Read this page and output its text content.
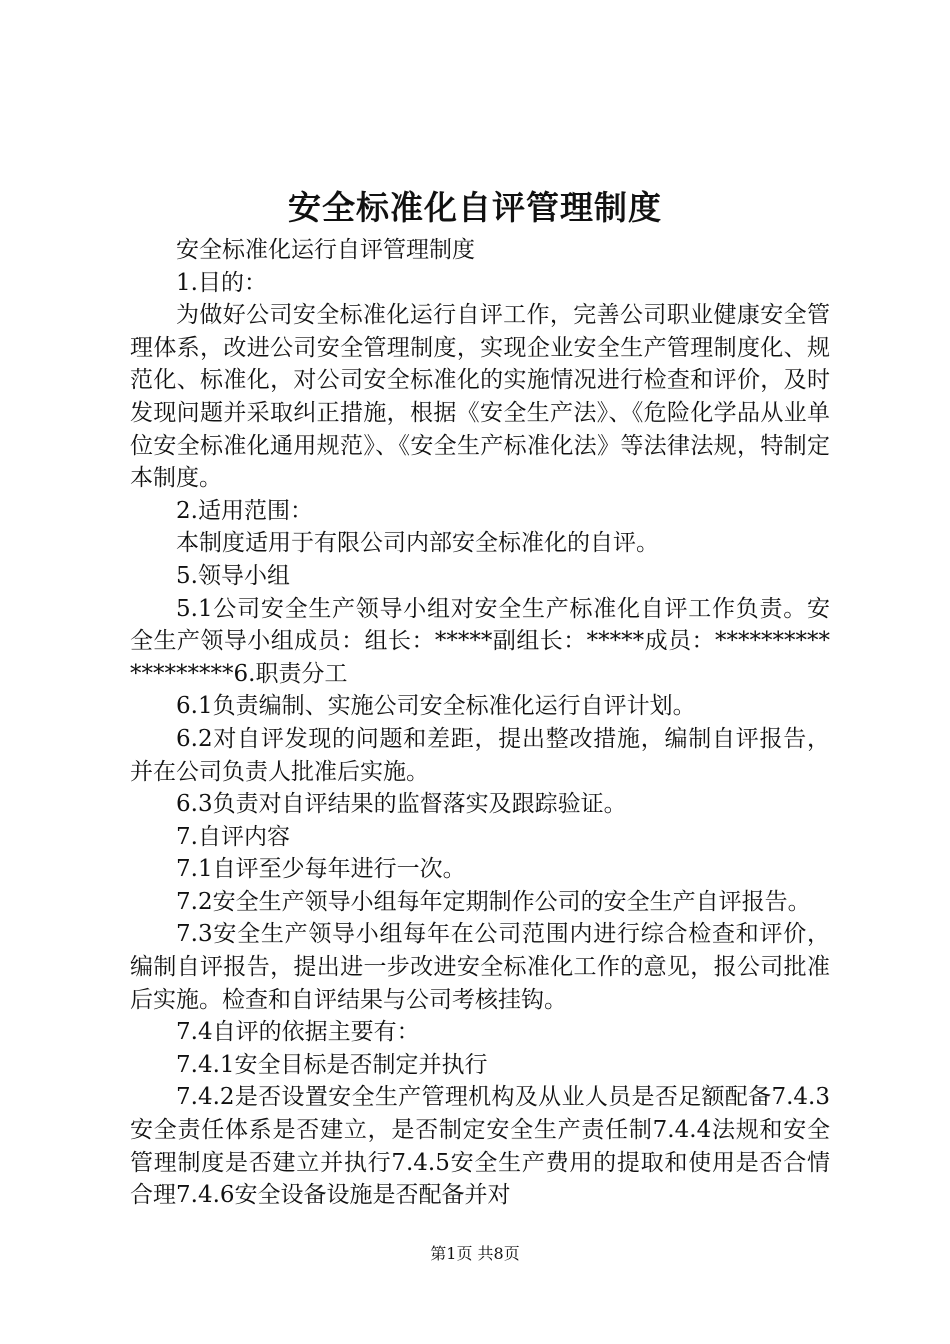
安全标准化自评管理制度

安全标准化运行自评管理制度

1.目的：

为做好公司安全标准化运行自评工作，完善公司职业健康安全管理体系，改进公司安全管理制度，实现企业安全生产管理制度化、规范化、标准化，对公司安全标准化的实施情况进行检查和评价，及时发现问题并采取纠正措施，根据《安全生产法》、《危险化学品从业单位安全标准化通用规范》、《安全生产标准化法》等法律法规，特制定本制度。

2.适用范围：

本制度适用于有限公司内部安全标准化的自评。

5.领导小组

5.1公司安全生产领导小组对安全生产标准化自评工作负责。安全生产领导小组成员：组长：*****副组长：*****成员：*******************6.职责分工

6.1负责编制、实施公司安全标准化运行自评计划。

6.2对自评发现的问题和差距，提出整改措施，编制自评报告，并在公司负责人批准后实施。

6.3负责对自评结果的监督落实及跟踪验证。

7.自评内容

7.1自评至少每年进行一次。

7.2安全生产领导小组每年定期制作公司的安全生产自评报告。

7.3安全生产领导小组每年在公司范围内进行综合检查和评价，编制自评报告，提出进一步改进安全标准化工作的意见，报公司批准后实施。检查和自评结果与公司考核挂钩。

7.4自评的依据主要有：

7.4.1安全目标是否制定并执行

7.4.2是否设置安全生产管理机构及从业人员是否足额配备7.4.3安全责任体系是否建立，是否制定安全生产责任制7.4.4法规和安全管理制度是否建立并执行7.4.5安全生产费用的提取和使用是否合情合理7.4.6安全设备设施是否配备并对

第1页 共8页
